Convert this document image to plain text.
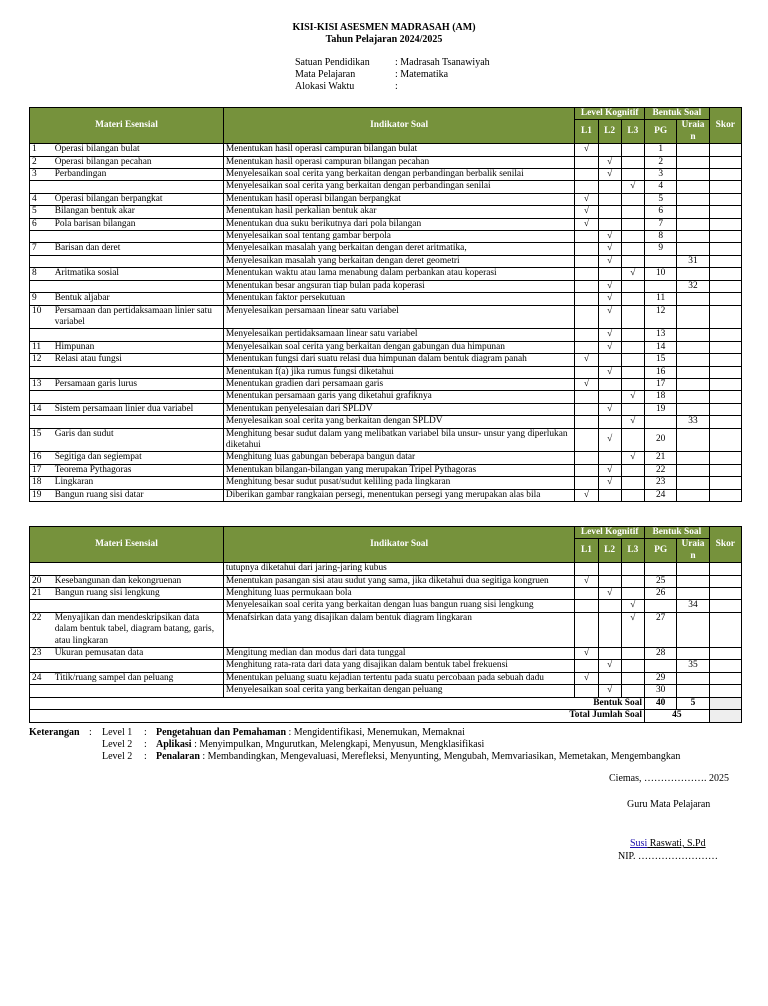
KISI-KISI ASESMEN MADRASAH (AM)
Tahun Pelajaran 2024/2025
Satuan Pendidikan	: Madrasah Tsanawiyah
Mata Pelajaran	: Matematika
Alokasi Waktu	:
Materi Esensial		Indikator Soal	Level Kognitif			Bentuk Soal		Skor
			L1	L2	L3	PG	Uraia n	
1	Operasi bilangan bulat	Menentukan hasil operasi campuran bilangan bulat	√			1		
2	Operasi bilangan pecahan	Menentukan hasil operasi campuran bilangan pecahan		√		2		
3	Perbandingan	Menyelesaikan soal cerita yang berkaitan dengan perbandingan berbalik senilai		√		3		
		Menyelesaikan soal cerita yang berkaitan dengan perbandingan senilai			√	4		
4	Operasi bilangan berpangkat	Menentukan hasil operasi bilangan berpangkat	√			5		
5	Bilangan bentuk akar	Menentukan hasil perkalian bentuk akar	√			6		
6	Pola barisan bilangan	Menentukan dua suku berikutnya dari pola bilangan	√			7		
		Menyelesaikan soal tentang gambar berpola		√		8		
7	Barisan dan deret	Menyelesaikan masalah yang berkaitan dengan deret aritmatika,		√		9		
		Menyelesaikan masalah yang berkaitan dengan deret geometri		√			31	
8	Aritmatika sosial	Menentukan waktu atau lama menabung dalam perbankan atau koperasi			√	10		
		Menentukan besar angsuran tiap bulan pada koperasi		√			32	
9	Bentuk aljabar	Menentukan faktor persekutuan		√		11		
10	Persamaan dan pertidaksamaan linier satu variabel	Menyelesaikan persamaan linear satu variabel		√		12		
		Menyelesaikan pertidaksamaan linear satu variabel		√		13		
11	Himpunan	Menyelesaikan soal cerita yang berkaitan dengan gabungan dua himpunan		√		14		
12	Relasi atau fungsi	Menentukan fungsi dari suatu relasi dua himpunan dalam bentuk diagram panah	√			15		
		Menentukan f(a) jika rumus fungsi diketahui		√		16		
13	Persamaan garis lurus	Menentukan gradien dari persamaan garis	√			17		
		Menentukan persamaan garis yang diketahui grafiknya			√	18		
14	Sistem persamaan linier dua variabel	Menentukan penyelesaian dari SPLDV		√		19		
		Menyelesaikan soal cerita yang berkaitan dengan SPLDV			√		33	
15	Garis dan sudut	Menghitung besar sudut dalam yang melibatkan variabel bila unsur- unsur yang diperlukan diketahui		√		20		
16	Segitiga dan segiempat	Menghitung luas gabungan beberapa bangun datar			√	21		
17	Teorema Pythagoras	Menentukan bilangan-bilangan yang merupakan Tripel Pythagoras		√		22		
18	Lingkaran	Menghitung besar sudut pusat/sudut keliling pada lingkaran		√		23		
19	Bangun ruang sisi datar	Diberikan gambar rangkaian persegi, menentukan persegi yang merupakan alas bila	√			24		
Materi Esensial		Indikator Soal	Level Kognitif			Bentuk Soal		Skor
			L1	L2	L3	PG	Uraia n	
		tutupnya diketahui dari jaring-jaring kubus						
20	Kesebangunan dan kekongruenan	Menentukan pasangan sisi atau sudut yang sama, jika diketahui dua segitiga kongruen	√			25		
21	Bangun ruang sisi lengkung	Menghitung luas permukaan bola		√		26		
		Menyelesaikan soal cerita yang berkaitan dengan luas bangun ruang sisi lengkung			√		34	
22	Menyajikan dan mendeskripsikan data dalam bentuk tabel, diagram batang, garis, atau lingkaran	Menafsirkan data yang disajikan dalam bentuk diagram lingkaran			√	27		
23	Ukuran pemusatan data	Mengitung median dan modus dari data tunggal	√			28		
		Menghitung rata-rata dari data yang disajikan dalam bentuk tabel frekuensi		√			35	
24	Titik/ruang sampel dan peluang	Menentukan peluang suatu kejadian tertentu pada suatu percobaan pada sebuah dadu	√			29		
		Menyelesaikan soal cerita yang berkaitan dengan peluang		√		30		
Bentuk Soal						40	5	
Total Jumlah Soal						45		
Keterangan :	Level 1	: Pengetahuan dan Pemahaman : Mengidentifikasi, Menemukan, Memaknai
Level 2	: Aplikasi : Menyimpulkan, Mngurutkan, Melengkapi, Menyusun, Mengklasifikasi
Level 2	: Penalaran : Membandingkan, Mengevaluasi, Merefleksi, Menyunting, Mengubah, Memvariasikan, Memetakan, Mengembangkan
Ciemas, ………………. 2025
Guru Mata Pelajaran
Susi Raswati, S.Pd
NIP. ……………………
